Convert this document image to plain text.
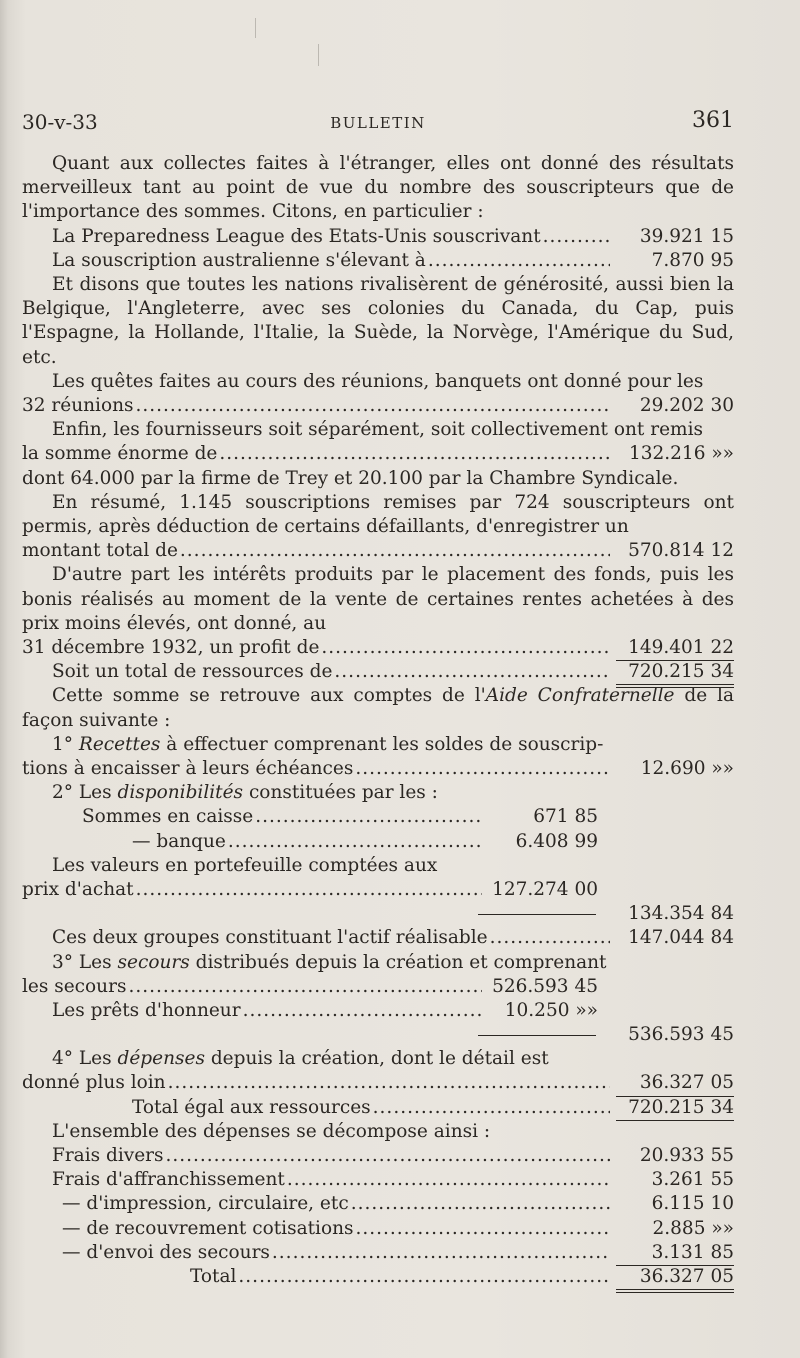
30-v-33	BULLETIN	361

Quant aux collectes faites à l'étranger, elles ont donné des résultats merveilleux tant au point de vue du nombre des souscripteurs que de l'importance des sommes. Citons, en particulier :

La Preparedness League des Etats-Unis souscrivant .....	39.921 15
La souscription australienne s'élevant à .....	7.870 95

Et disons que toutes les nations rivalisèrent de générosité, aussi bien la Belgique, l'Angleterre, avec ses colonies du Canada, du Cap, puis l'Espagne, la Hollande, l'Italie, la Suède, la Norvège, l'Amérique du Sud, etc.

Les quêtes faites au cours des réunions, banquets ont donné pour les

32 réunions .....	29.202 30

Enfin, les fournisseurs soit séparément, soit collectivement ont remis

la somme énorme de .....	132.216 »»

dont 64.000 par la firme de Trey et 20.100 par la Chambre Syndicale.

En résumé, 1.145 souscriptions remises par 724 souscripteurs ont permis, après déduction de certains défaillants, d'enregistrer un

montant total de .....	570.814 12

D'autre part les intérêts produits par le placement des fonds, puis les bonis réalisés au moment de la vente de certaines rentes achetées à des prix moins élevés, ont donné, au

31 décembre 1932, un profit de .....	149.401 22
Soit un total de ressources de .....	720.215 34

Cette somme se retrouve aux comptes de l'Aide Confraternelle de la façon suivante :

1° Recettes à effectuer comprenant les soldes de souscrip-

tions à encaisser à leurs échéances .....	12.690 »»

2° Les disponibilités constituées par les :

Sommes en caisse .....	671 85
— banque .....	6.408 99

Les valeurs en portefeuille comptées aux

prix d'achat .....	127.274 00
134.354 84
Ces deux groupes constituant l'actif réalisable .....	147.044 84

3° Les secours distribués depuis la création et comprenant

les secours .....	526.593 45
Les prêts d'honneur .....	10.250 »»
536.593 45

4° Les dépenses depuis la création, dont le détail est

donné plus loin .....	36.327 05
Total égal aux ressources .....	720.215 34

L'ensemble des dépenses se décompose ainsi :

Frais divers .....	20.933 55
Frais d'affranchissement .....	3.261 55
— d'impression, circulaire, etc .....	6.115 10
— de recouvrement cotisations .....	2.885 »»
— d'envoi des secours .....	3.131 85
Total .....	36.327 05
